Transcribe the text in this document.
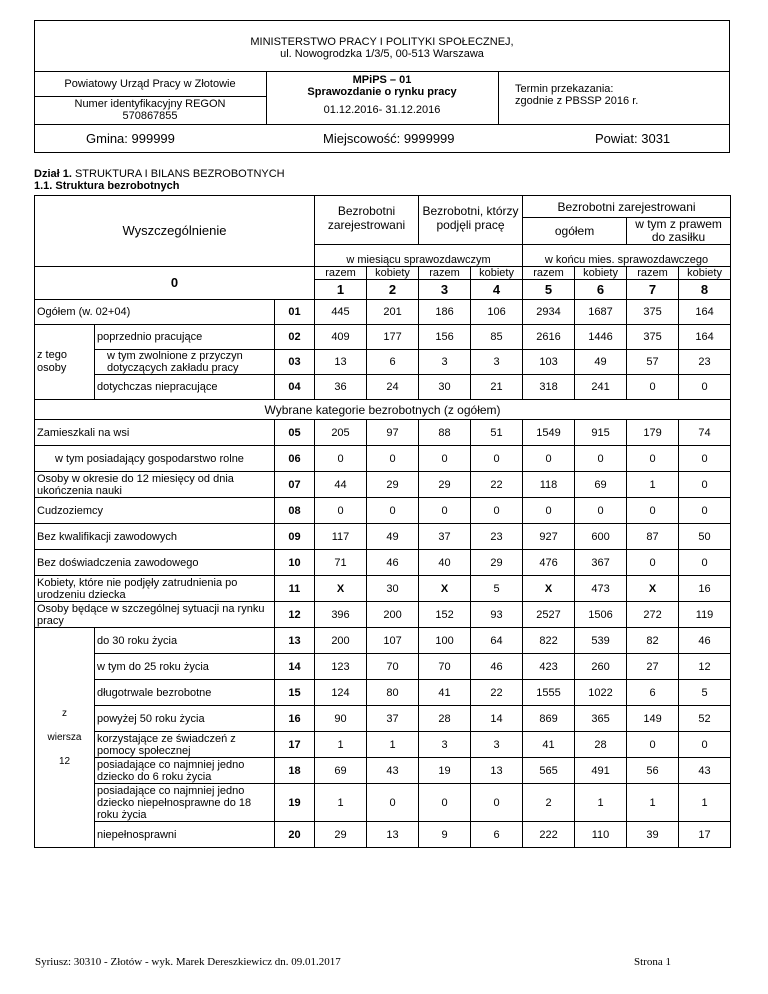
MINISTERSTWO PRACY I POLITYKI SPOŁECZNEJ,
ul. Nowogrodzka 1/3/5, 00-513 Warszawa
Powiatowy Urząd Pracy w Złotowie
Numer identyfikacyjny REGON
570867855
MPiPS – 01
Sprawozdanie o rynku pracy
01.12.2016- 31.12.2016
Termin przekazania:
zgodnie z PBSSP 2016 r.
Gmina: 999999	Miejscowość: 9999999	Powiat: 3031
Dział 1. STRUKTURA I BILANS BEZROBOTNYCH
1.1. Struktura bezrobotnych
Wyszczególnienie			Bezrobotni zarejestrowani		Bezrobotni, którzy podjęli pracę		Bezrobotni zarejestrowani			
							ogółem		w tym z prawem do zasiłku	

			w miesiącu sprawozdawczym				w końcu mies. sprawozdawczego			
0			razem	kobiety	razem	kobiety	razem	kobiety	razem	kobiety
			1	2	3	4	5	6	7	8
Ogółem (w. 02+04)		01	445	201	186	106	2934	1687	375	164
z tego osoby	poprzednio pracujące	02	409	177	156	85	2616	1446	375	164
	w tym zwolnione z przyczyn dotyczących zakładu pracy	03	13	6	3	3	103	49	57	23
	dotychczas niepracujące	04	36	24	30	21	318	241	0	0
Wybrane kategorie bezrobotnych (z ogółem)										
Zamieszkali na wsi		05	205	97	88	51	1549	915	179	74
w tym posiadający gospodarstwo rolne		06	0	0	0	0	0	0	0	0
Osoby w okresie do 12 miesięcy od dnia ukończenia nauki		07	44	29	29	22	118	69	1	0
Cudzoziemcy		08	0	0	0	0	0	0	0	0
Bez kwalifikacji zawodowych		09	117	49	37	23	927	600	87	50
Bez doświadczenia zawodowego		10	71	46	40	29	476	367	0	0
Kobiety, które nie podjęły zatrudnienia po urodzeniu dziecka		11	X	30	X	5	X	473	X	16
Osoby będące w szczególnej sytuacji na rynku pracy		12	396	200	152	93	2527	1506	272	119

z
wiersza
12	do 30 roku życia	13	200	107	100	64	822	539	82	46
	w tym do 25 roku życia	14	123	70	70	46	423	260	27	12
	długotrwale bezrobotne	15	124	80	41	22	1555	1022	6	5
	powyżej 50 roku życia	16	90	37	28	14	869	365	149	52
	korzystające ze świadczeń z pomocy społecznej	17	1	1	3	3	41	28	0	0
	posiadające co najmniej jedno dziecko do 6 roku życia	18	69	43	19	13	565	491	56	43
	posiadające co najmniej jedno dziecko niepełnosprawne do 18 roku życia	19	1	0	0	0	2	1	1	1
	niepełnosprawni	20	29	13	9	6	222	110	39	17
Syriusz: 30310 - Złotów - wyk. Marek Dereszkiewicz dn. 09.01.2017	Strona 1
